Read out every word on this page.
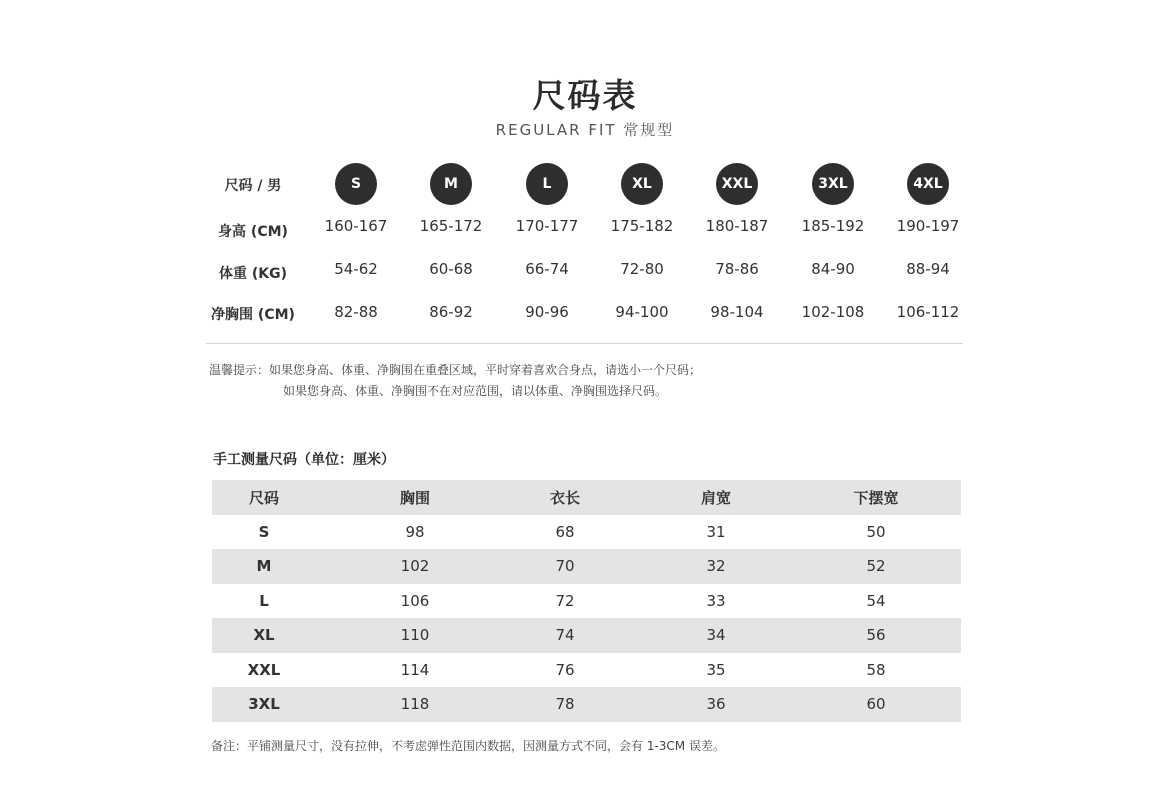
尺码表
REGULAR FIT 常规型
尺码 / 男	S	M	L	XL	XXL	3XL	4XL
身高 (CM)	160-167	165-172	170-177	175-182	180-187	185-192	190-197
体重 (KG)	54-62	60-68	66-74	72-80	78-86	84-90	88-94
净胸围 (CM)	82-88	86-92	90-96	94-100	98-104	102-108	106-112
温馨提示：如果您身高、体重、净胸围在重叠区域，平时穿着喜欢合身点，请选小一个尺码；
如果您身高、体重、净胸围不在对应范围，请以体重、净胸围选择尺码。
手工测量尺码（单位：厘米）
尺码	胸围	衣长	肩宽	下摆宽
S	98	68	31	50
M	102	70	32	52
L	106	72	33	54
XL	110	74	34	56
XXL	114	76	35	58
3XL	118	78	36	60
备注：平铺测量尺寸，没有拉伸，不考虑弹性范围内数据，因测量方式不同，会有 1-3CM 误差。
